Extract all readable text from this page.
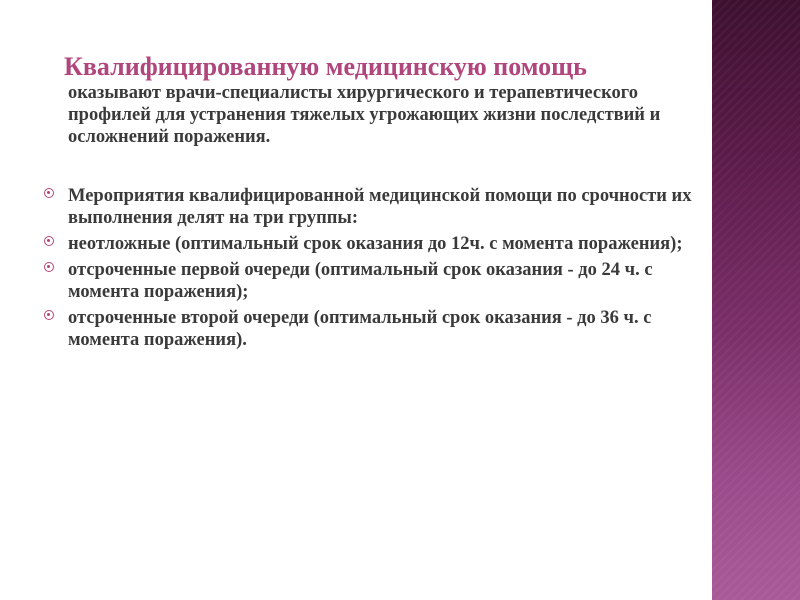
Квалифицированную медицинскую помощь
оказывают врачи-специалисты хирургического и терапевтического профилей для устранения тяжелых угрожающих жизни последствий и осложнений поражения.
Мероприятия квалифицированной медицинской помощи по срочности их выполнения делят на три группы:
неотложные (оптимальный срок оказания до 12ч. с момента поражения);
отсроченные первой очереди (оптимальный срок оказания - до 24 ч. с момента поражения);
отсроченные второй очереди (оптимальный срок оказания - до 36 ч. с момента поражения).
